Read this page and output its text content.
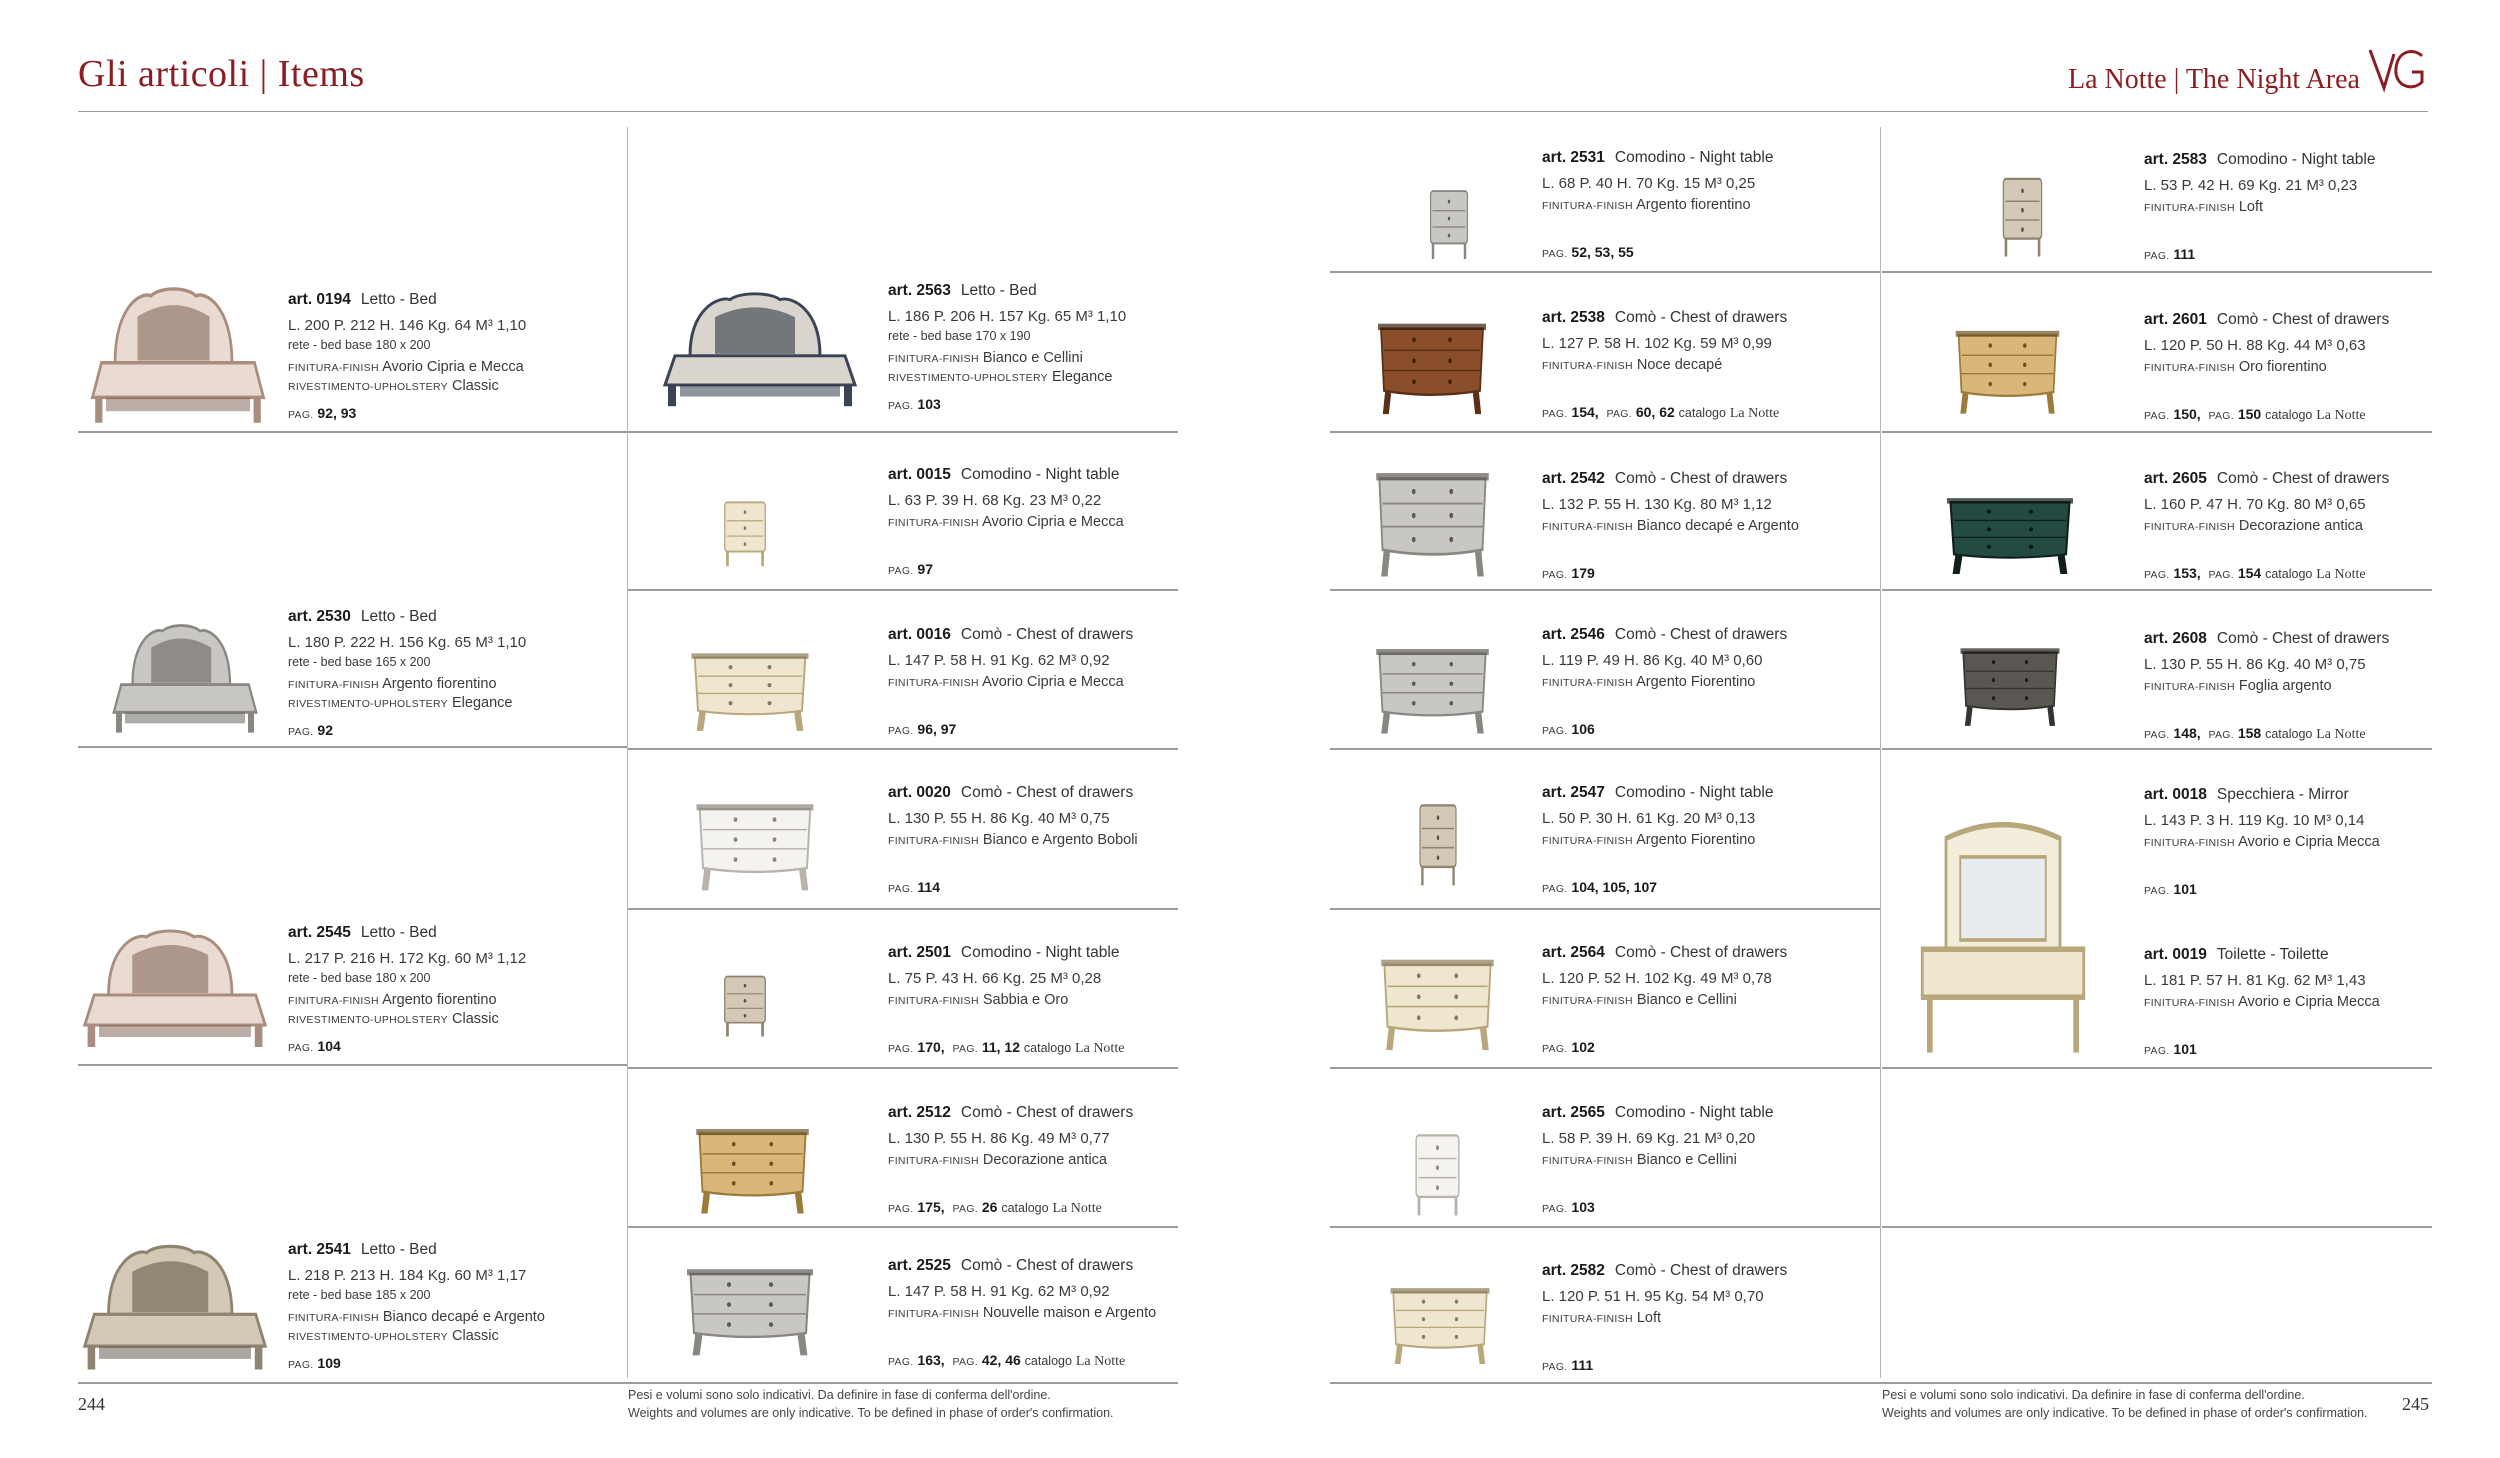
Gli articoli | Items	La Notte | The Night Area
art. 0194 Letto - Bed
L. 200 P. 212 H. 146 Kg. 64 M³ 1,10
rete - bed base 180 x 200
FINITURA-FINISH Avorio Cipria e Mecca
RIVESTIMENTO-UPHOLSTERY Classic
PAG. 92, 93
art. 2530 Letto - Bed
L. 180 P. 222 H. 156 Kg. 65 M³ 1,10
rete - bed base 165 x 200
FINITURA-FINISH Argento fiorentino
RIVESTIMENTO-UPHOLSTERY Elegance
PAG. 92
art. 2545 Letto - Bed
L. 217 P. 216 H. 172 Kg. 60 M³ 1,12
rete - bed base 180 x 200
FINITURA-FINISH Argento fiorentino
RIVESTIMENTO-UPHOLSTERY Classic
PAG. 104
art. 2541 Letto - Bed
L. 218 P. 213 H. 184 Kg. 60 M³ 1,17
rete - bed base 185 x 200
FINITURA-FINISH Bianco decapé e Argento
RIVESTIMENTO-UPHOLSTERY Classic
PAG. 109
art. 2563 Letto - Bed
L. 186 P. 206 H. 157 Kg. 65 M³ 1,10
rete - bed base 170 x 190
FINITURA-FINISH Bianco e Cellini
RIVESTIMENTO-UPHOLSTERY Elegance
PAG. 103
art. 0015 Comodino - Night table
L. 63 P. 39 H. 68 Kg. 23 M³ 0,22
FINITURA-FINISH Avorio Cipria e Mecca
PAG. 97
art. 0016 Comò - Chest of drawers
L. 147 P. 58 H. 91 Kg. 62 M³ 0,92
FINITURA-FINISH Avorio Cipria e Mecca
PAG. 96, 97
art. 0020 Comò - Chest of drawers
L. 130 P. 55 H. 86 Kg. 40 M³ 0,75
FINITURA-FINISH Bianco e Argento Boboli
PAG. 114
art. 2501 Comodino - Night table
L. 75 P. 43 H. 66 Kg. 25 M³ 0,28
FINITURA-FINISH Sabbia e Oro
PAG. 170, PAG. 11, 12 catalogo La Notte
art. 2512 Comò - Chest of drawers
L. 130 P. 55 H. 86 Kg. 49 M³ 0,77
FINITURA-FINISH Decorazione antica
PAG. 175, PAG. 26 catalogo La Notte
art. 2525 Comò - Chest of drawers
L. 147 P. 58 H. 91 Kg. 62 M³ 0,92
FINITURA-FINISH Nouvelle maison e Argento
PAG. 163, PAG. 42, 46 catalogo La Notte
art. 2531 Comodino - Night table
L. 68 P. 40 H. 70 Kg. 15 M³ 0,25
FINITURA-FINISH Argento fiorentino
PAG. 52, 53, 55
art. 2538 Comò - Chest of drawers
L. 127 P. 58 H. 102 Kg. 59 M³ 0,99
FINITURA-FINISH Noce decapé
PAG. 154, PAG. 60, 62 catalogo La Notte
art. 2542 Comò - Chest of drawers
L. 132 P. 55 H. 130 Kg. 80 M³ 1,12
FINITURA-FINISH Bianco decapé e Argento
PAG. 179
art. 2546 Comò - Chest of drawers
L. 119 P. 49 H. 86 Kg. 40 M³ 0,60
FINITURA-FINISH Argento Fiorentino
PAG. 106
art. 2547 Comodino - Night table
L. 50 P. 30 H. 61 Kg. 20 M³ 0,13
FINITURA-FINISH Argento Fiorentino
PAG. 104, 105, 107
art. 2564 Comò - Chest of drawers
L. 120 P. 52 H. 102 Kg. 49 M³ 0,78
FINITURA-FINISH Bianco e Cellini
PAG. 102
art. 2565 Comodino - Night table
L. 58 P. 39 H. 69 Kg. 21 M³ 0,20
FINITURA-FINISH Bianco e Cellini
PAG. 103
art. 2582 Comò - Chest of drawers
L. 120 P. 51 H. 95 Kg. 54 M³ 0,70
FINITURA-FINISH Loft
PAG. 111
art. 2583 Comodino - Night table
L. 53 P. 42 H. 69 Kg. 21 M³ 0,23
FINITURA-FINISH Loft
PAG. 111
art. 2601 Comò - Chest of drawers
L. 120 P. 50 H. 88 Kg. 44 M³ 0,63
FINITURA-FINISH Oro fiorentino
PAG. 150, PAG. 150 catalogo La Notte
art. 2605 Comò - Chest of drawers
L. 160 P. 47 H. 70 Kg. 80 M³ 0,65
FINITURA-FINISH Decorazione antica
PAG. 153, PAG. 154 catalogo La Notte
art. 2608 Comò - Chest of drawers
L. 130 P. 55 H. 86 Kg. 40 M³ 0,75
FINITURA-FINISH Foglia argento
PAG. 148, PAG. 158 catalogo La Notte
art. 0018 Specchiera - Mirror
L. 143 P. 3 H. 119 Kg. 10 M³ 0,14
FINITURA-FINISH Avorio e Cipria Mecca
PAG. 101
art. 0019 Toilette - Toilette
L. 181 P. 57 H. 81 Kg. 62 M³ 1,43
FINITURA-FINISH Avorio e Cipria Mecca
PAG. 101
244	245
Pesi e volumi sono solo indicativi. Da definire in fase di conferma dell'ordine.
Weights and volumes are only indicative. To be defined in phase of order's confirmation.
Pesi e volumi sono solo indicativi. Da definire in fase di conferma dell'ordine.
Weights and volumes are only indicative. To be defined in phase of order's confirmation.
